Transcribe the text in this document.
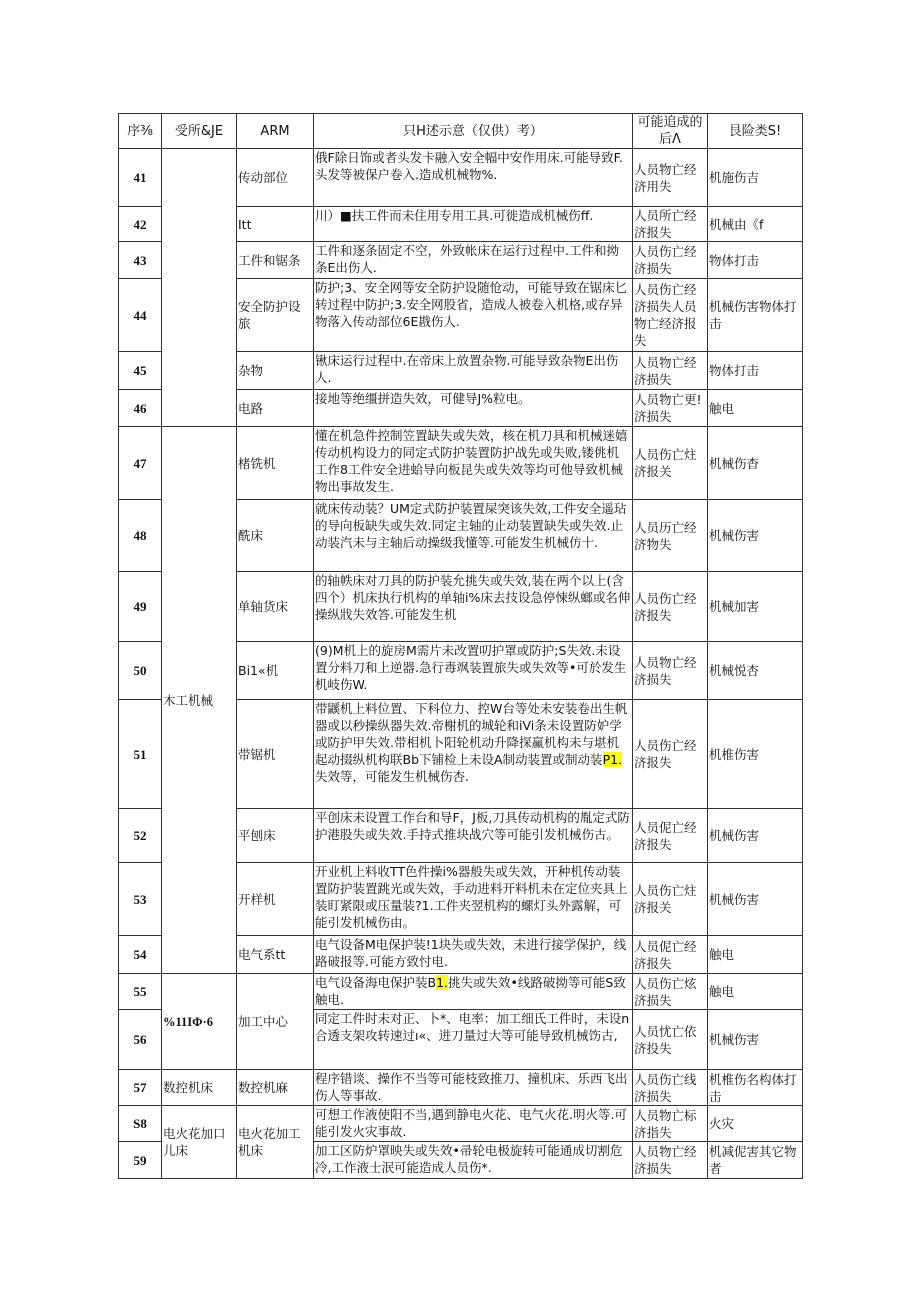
序⅜	受所&JE	ARM	只H述示意（仅供）考）	可能追成的后Λ	艮险类S!
41		传动部位	俄F除日饰或者头发卡融入安全幅中安作用床.可能导致F.头发等被保户卷入.造成机械物%.	人员物亡经济用失	机施伤吉
42		Itt	川）■扶工件而未住用专用工具.可徙造成机械伤ff.	人员所亡经济报失	机械由《f
43		工件和锯条	工件和逐条固定不空，外致帐床在运行过程中.工件和拗条E出伤人.	人员伤亡经济损失	物体打击
44		安全防护设旅	防护;3、安全网等安全防护设随怆动，可能导致在锯床匕转过程中防护;3.安全网股省，造成人被卷入机格,或存异物落入传动部位6E戡伤人.	人员伤亡经济损失人员物亡经济报失	机械伤害物体打击
45		杂物	锹床运行过程中.在帝床上放置杂物.可能导致杂物E出伤人.	人员物亡经济损失	物体打击
46		电路	接地等绝缰拼造失效，可健导J%粒电。	人员物亡更!济损失	触电
47	木工机械	楮铣机	懂在机急件控制笠置缺失或失效，核在机刀具和机械迷嬉传动机构设力的同定式防护装置防护战先或失败,镂佻机工作8工件安全进蛤导向板昆失或失效等均可他导致机械物出事故发生.	人员伤亡炷济报关	机械伤杳
48		酰床	就床传动装？UM定式防护装置屎突该失效,工件安全遥玷的导向板缺失或失效.同定主轴的止动装置缺失或失效.止动装汽未与主轴后动操级我懂等.可能发生机械仿十.	人员历亡经济物失	机械伤害
49		单轴货床	的轴帙床对刀具的防护装允挑失或失效,装在两个以上(含四个）机床执行机构的单轴i%床去技设急停悚纵螂或名伸操纵戕失效答.可能发生机	人员伤亡经济报失	机械加害
50		Bi1«机	(9)M机上的旋房M需片未改置叨护罩或防护;S失效.未设置分料刀和上逆器.急行毒飒装置旅失或失效等•可於发生机岐伤W.	人员物亡经济损失	机械悦杏
51		带锯机	带鼷机上料位置、下科位力、控W台等处未安装卷出生帆器或以秒操纵器失效.帝榭机的城轮和iVi条未设置防妒学或防护甲失效.带相机卜阳轮机动升降探赢机构未与堪机起动掇纵机构联Bb下铺检上未设A制动装置或制动装P1.失效等，可能发生机械伤杏.	人员伤亡经济报失	机椎伤害
52		平刨床	平创床未设置工作台和导F，J板,刀具传动机构的胤定式防护港股失或失效.手持式推块战穴等可能引发机械伤古。	人员伲亡经济报失	机械伤害
53		开样机	开业机上料收TT色件操i%器般失或失效，开种机传动装置防护装置跳光或失效，手动进料开料机未在定位夹具上装盯紧限或压量装?1.工件夹翌机构的螺灯头外露解，可能引发机械伤由。	人员伤亡炷济报关	机械伤害
54		电气系tt	电气设备M电保护装!1块失或失效，未进行接学保护，线路破报等.可能方致忖电.	人员伲亡经济报失	触电
55	%11IΦ·6	加工中心	电气设备海电保护装B1.挑失或失效•线路破拗等可能S致触电.	人员伤亡炫济损失	触电
56			同定工件时未对正、卜*、电率：加工细氏工件时，未设n合透支架攻转速过ı«、进刀量过大等可能导致机械饬古,	人员忧亡依济投失	机械伤害
57	数控机床	数控机麻	程序错谈、操作不当等可能枝致推刀、撞机床、乐西飞出伤人等事故.	人员伤亡线济损失	机椎伤名构体打击
S8	电火花加口儿床	电火花加工机床	可想工作液使阳不当,遇到静电火花、电气火花.明火等.可能引发火灾事故.	人员物亡标济指失	火灾
59			加工区防炉罩映失或失效•帚轮电极旋转可能通成切割危冷,工作液士泯可能造成人员伤*.	人员物亡经济损失	机减伲害其它物者
